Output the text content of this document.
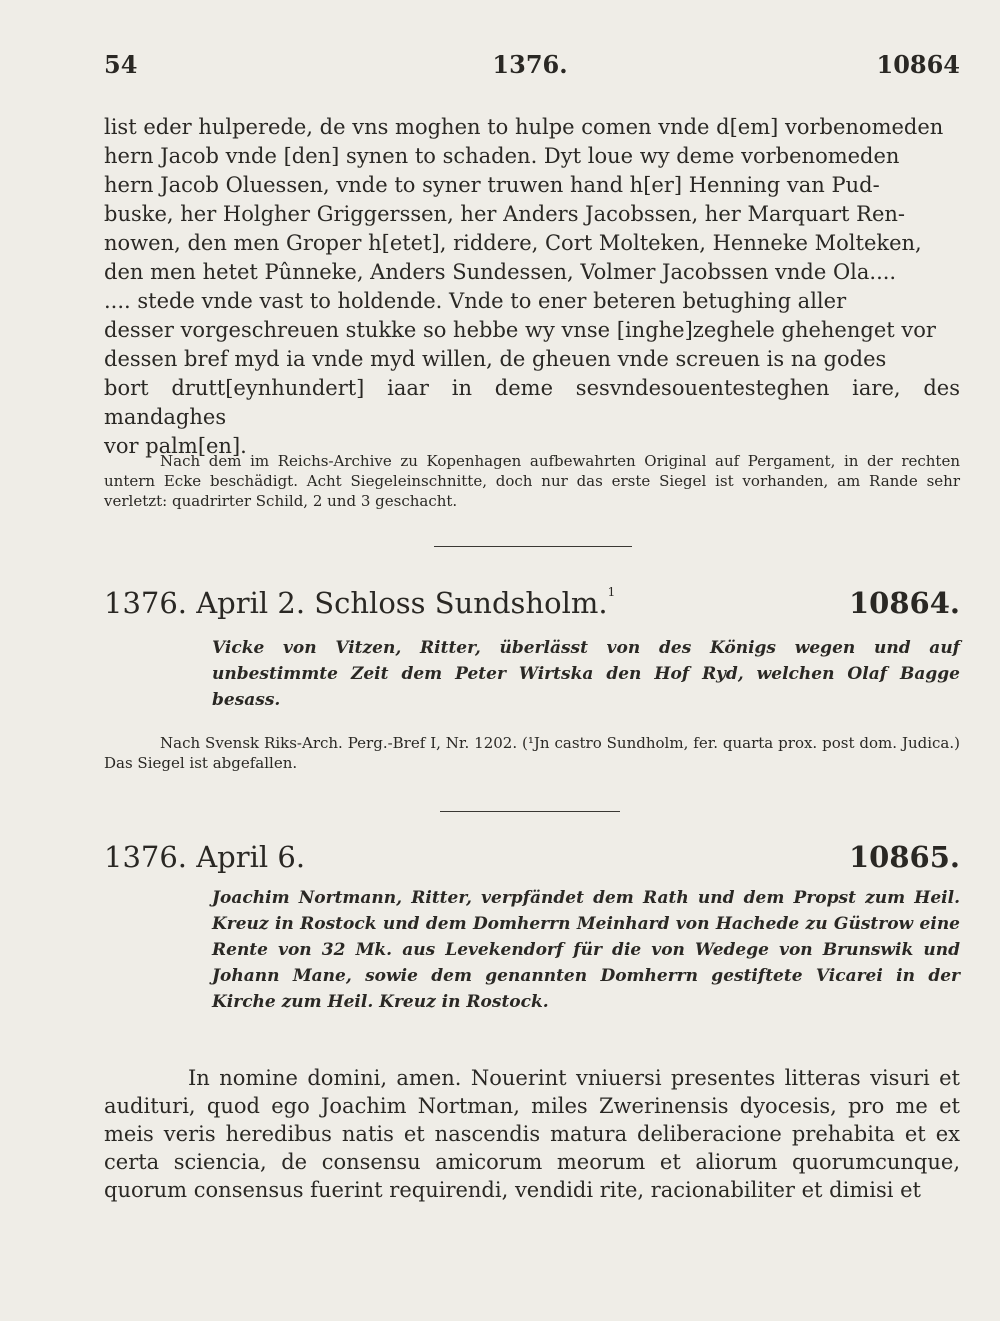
54	1376.	10864

list eder hulperede, de vns moghen to hulpe comen vnde d[em] vorbenomeden

hern Jacob vnde [den] synen to schaden. Dyt loue wy deme vorbenomeden

hern Jacob Oluessen, vnde to syner truwen hand h[er] Henning van Pud-

buske, her Holgher Griggerssen, her Anders Jacobssen, her Marquart Ren-

nowen, den men Groper h[etet], riddere, Cort Molteken, Henneke Molteken,

den men hetet Pûnneke, Anders Sundessen, Volmer Jacobssen vnde Ola....

.... stede vnde vast to holdende. Vnde to ener beteren betughing aller

desser vorgeschreuen stukke so hebbe wy vnse [inghe]zeghele ghehenget vor

dessen bref myd ia vnde myd willen, de gheuen vnde screuen is na godes

bort drutt[eynhundert] iaar in deme sesvndesouentesteghen iare, des mandaghes

vor palm[en].

Nach dem im Reichs-Archive zu Kopenhagen aufbewahrten Original auf Pergament, in der rechten untern Ecke beschädigt. Acht Siegeleinschnitte, doch nur das erste Siegel ist vorhanden, am Rande sehr verletzt: quadrirter Schild, 2 und 3 geschacht.

1376. April 2. Schloss Sundsholm.$^1$	10864.
Vicke von Vitzen, Ritter, überlässt von des Königs wegen und auf unbestimmte Zeit dem Peter Wirtska den Hof Ryd, welchen Olaf Bagge besass.

Nach Svensk Riks-Arch. Perg.-Bref I, Nr. 1202. (¹Jn castro Sundholm, fer. quarta prox. post dom. Judica.) Das Siegel ist abgefallen.

1376. April 6.	10865.
Joachim Nortmann, Ritter, verpfändet dem Rath und dem Propst zum Heil. Kreuz in Rostock und dem Domherrn Meinhard von Hachede zu Güstrow eine Rente von 32 Mk. aus Levekendorf für die von Wedege von Brunswik und Johann Mane, sowie dem genannten Domherrn gestiftete Vicarei in der Kirche zum Heil. Kreuz in Rostock.

In nomine domini, amen. Nouerint vniuersi presentes litteras visuri et audituri, quod ego Joachim Nortman, miles Zwerinensis dyocesis, pro me et meis veris heredibus natis et nascendis matura deliberacione prehabita et ex certa sciencia, de consensu amicorum meorum et aliorum quorumcunque, quorum consensus fuerint requirendi, vendidi rite, racionabiliter et dimisi et
